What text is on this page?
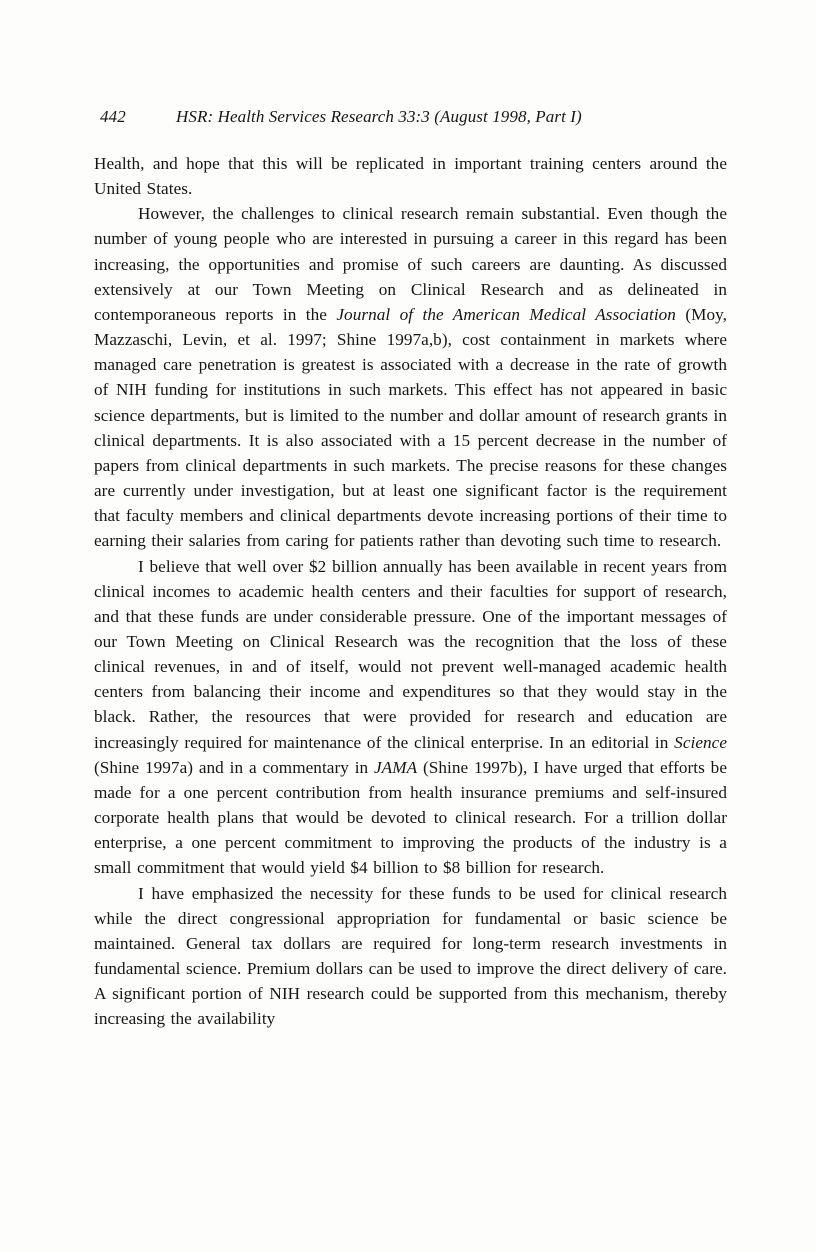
442	HSR: Health Services Research 33:3 (August 1998, Part I)

Health, and hope that this will be replicated in important training centers around the United States.

However, the challenges to clinical research remain substantial. Even though the number of young people who are interested in pursuing a career in this regard has been increasing, the opportunities and promise of such careers are daunting. As discussed extensively at our Town Meeting on Clinical Research and as delineated in contemporaneous reports in the Journal of the American Medical Association (Moy, Mazzaschi, Levin, et al. 1997; Shine 1997a,b), cost containment in markets where managed care penetration is greatest is associated with a decrease in the rate of growth of NIH funding for institutions in such markets. This effect has not appeared in basic science departments, but is limited to the number and dollar amount of research grants in clinical departments. It is also associated with a 15 percent decrease in the number of papers from clinical departments in such markets. The precise reasons for these changes are currently under investigation, but at least one significant factor is the requirement that faculty members and clinical departments devote increasing portions of their time to earning their salaries from caring for patients rather than devoting such time to research.

I believe that well over $2 billion annually has been available in recent years from clinical incomes to academic health centers and their faculties for support of research, and that these funds are under considerable pressure. One of the important messages of our Town Meeting on Clinical Research was the recognition that the loss of these clinical revenues, in and of itself, would not prevent well-managed academic health centers from balancing their income and expenditures so that they would stay in the black. Rather, the resources that were provided for research and education are increasingly required for maintenance of the clinical enterprise. In an editorial in Science (Shine 1997a) and in a commentary in JAMA (Shine 1997b), I have urged that efforts be made for a one percent contribution from health insurance premiums and self-insured corporate health plans that would be devoted to clinical research. For a trillion dollar enterprise, a one percent commitment to improving the products of the industry is a small commitment that would yield $4 billion to $8 billion for research.

I have emphasized the necessity for these funds to be used for clinical research while the direct congressional appropriation for fundamental or basic science be maintained. General tax dollars are required for long-term research investments in fundamental science. Premium dollars can be used to improve the direct delivery of care. A significant portion of NIH research could be supported from this mechanism, thereby increasing the availability
